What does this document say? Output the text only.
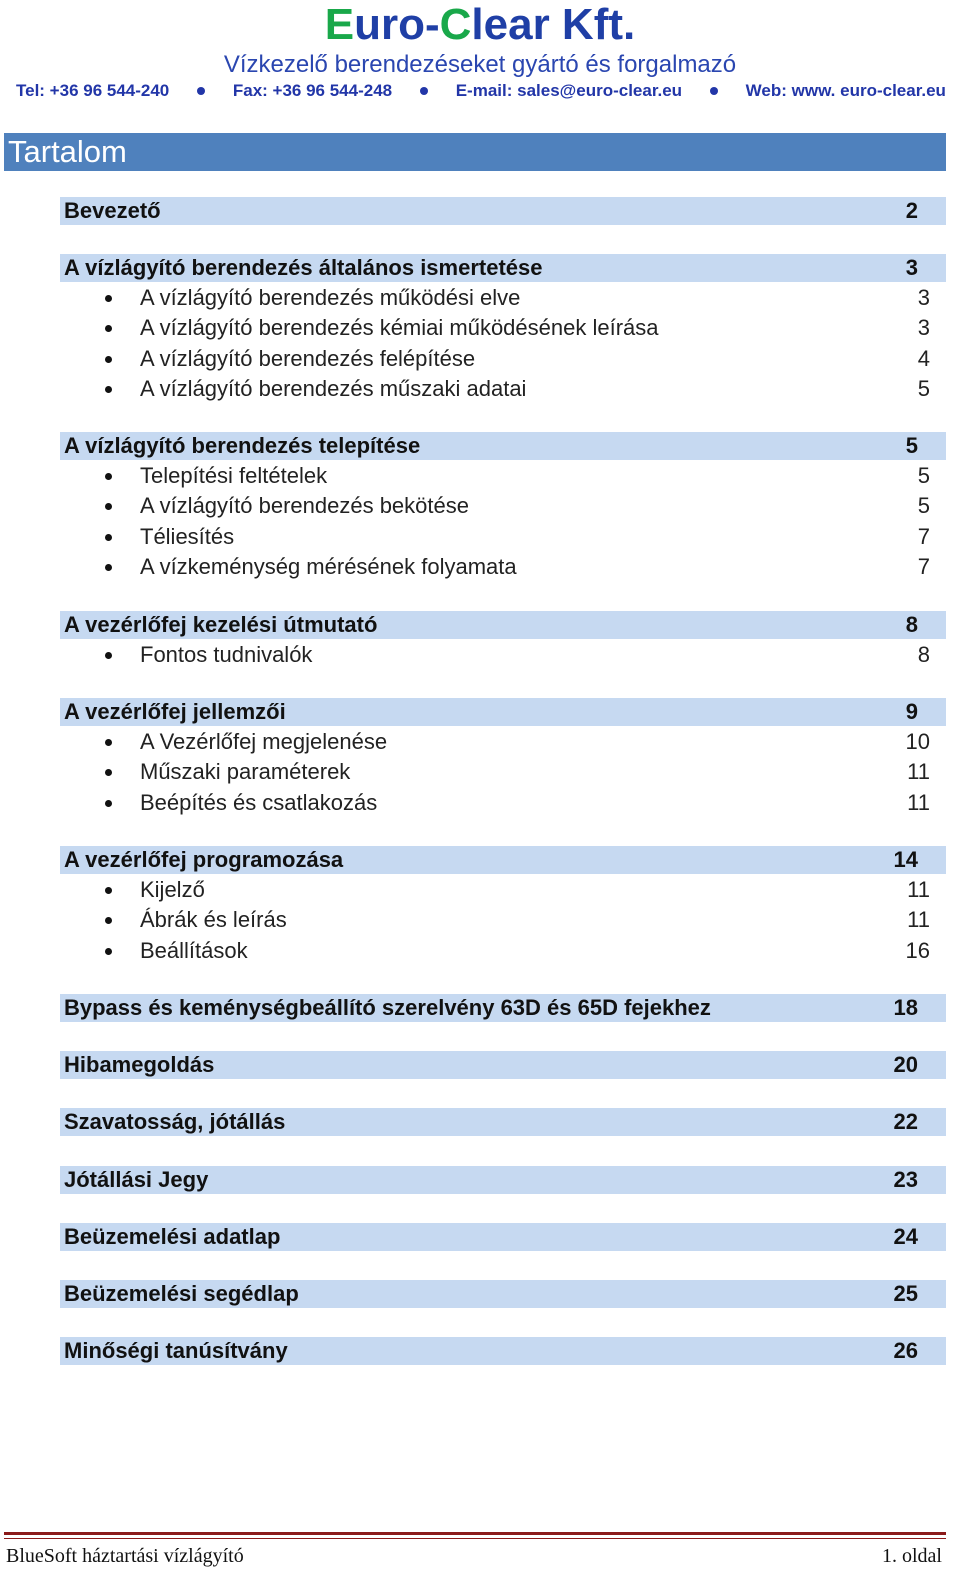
Euro-Clear Kft.
Vízkezelő berendezéseket gyártó és forgalmazó
Tel: +36 96 544-240	Fax: +36 96 544-248	E-mail: sales@euro-clear.eu	Web: www. euro-clear.eu
Tartalom
Bevezető	2
A vízlágyító berendezés általános ismertetése	3
A vízlágyító berendezés működési elve	3
A vízlágyító berendezés kémiai működésének leírása	3
A vízlágyító berendezés felépítése	4
A vízlágyító berendezés műszaki adatai	5
A vízlágyító berendezés telepítése	5
Telepítési feltételek	5
A vízlágyító berendezés bekötése	5
Téliesítés	7
A vízkeménység mérésének folyamata	7
A vezérlőfej kezelési útmutató	8
Fontos tudnivalók	8
A vezérlőfej jellemzői	9
A Vezérlőfej megjelenése	10
Műszaki paraméterek	11
Beépítés és csatlakozás	11
A vezérlőfej programozása	14
Kijelző	11
Ábrák és leírás	11
Beállítások	16
Bypass és keménységbeállító szerelvény 63D és 65D fejekhez	18
Hibamegoldás	20
Szavatosság, jótállás	22
Jótállási Jegy	23
Beüzemelési adatlap	24
Beüzemelési segédlap	25
Minőségi tanúsítvány	26
BlueSoft háztartási vízlágyító	1. oldal
